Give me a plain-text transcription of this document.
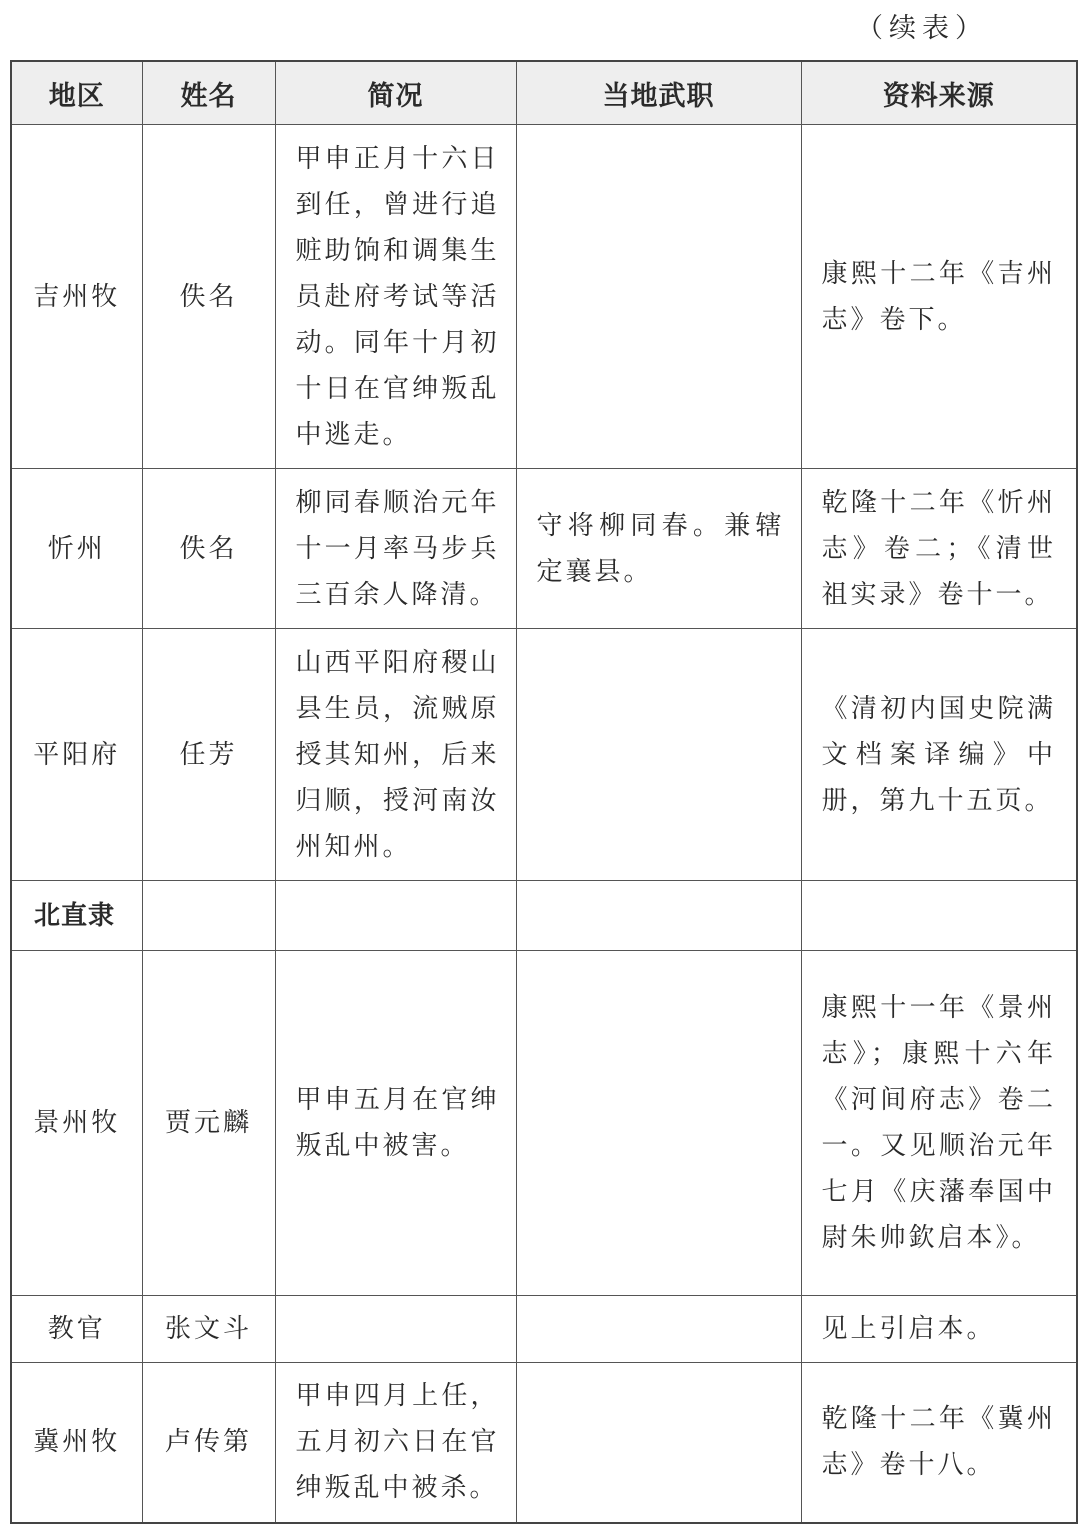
（续表）
地区	姓名	简况	当地武职	资料来源
吉州牧	佚名	甲申正月十六日到任，曾进行追赃助饷和调集生员赴府考试等活动。同年十月初十日在官绅叛乱中逃走。		康熙十二年《吉州志》卷下。
忻州	佚名	柳同春顺治元年十一月率马步兵三百余人降清。	守将柳同春。兼辖定襄县。	乾隆十二年《忻州志》卷二；《清世祖实录》卷十一。
平阳府	任芳	山西平阳府稷山县生员，流贼原授其知州，后来归顺，授河南汝州知州。		《清初内国史院满文档案译编》中册，第九十五页。
北直隶				
景州牧	贾元麟	甲申五月在官绅叛乱中被害。		康熙十一年《景州志》；康熙十六年《河间府志》卷二一。又见顺治元年七月《庆藩奉国中尉朱帅欽启本》。
教官	张文斗			见上引启本。
冀州牧	卢传第	甲申四月上任，五月初六日在官绅叛乱中被杀。		乾隆十二年《冀州志》卷十八。
